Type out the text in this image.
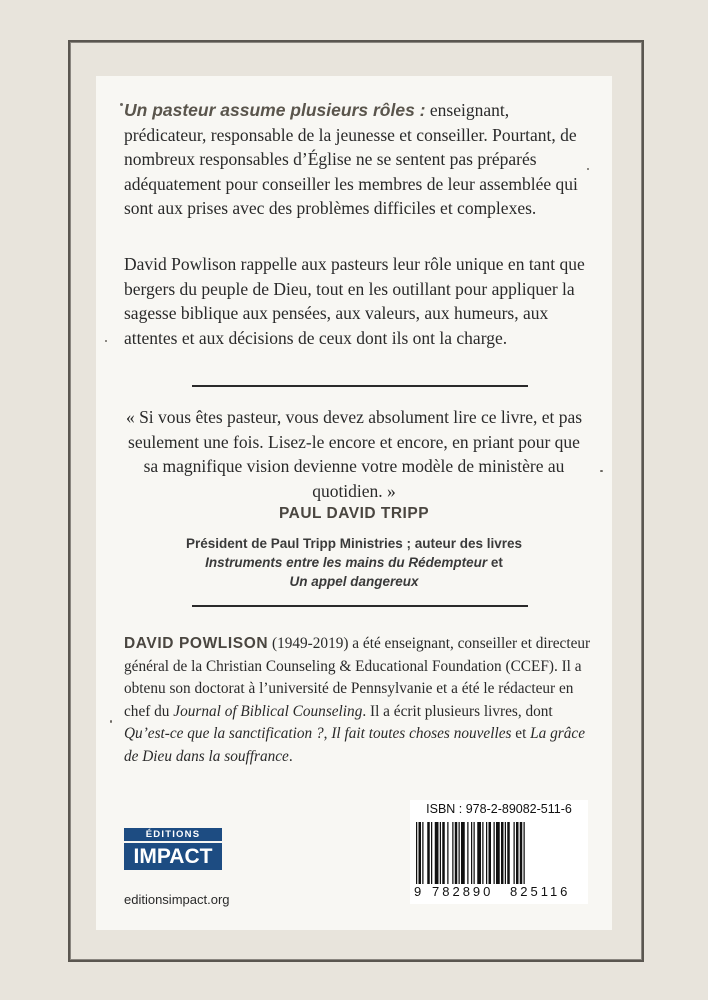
Un pasteur assume plusieurs rôles : enseignant, prédicateur, responsable de la jeunesse et conseiller. Pourtant, de nombreux responsables d’Église ne se sentent pas préparés adéquatement pour conseiller les membres de leur assemblée qui sont aux prises avec des problèmes difficiles et complexes.

David Powlison rappelle aux pasteurs leur rôle unique en tant que bergers du peuple de Dieu, tout en les outillant pour appliquer la sagesse biblique aux pensées, aux valeurs, aux humeurs, aux attentes et aux décisions de ceux dont ils ont la charge.

« Si vous êtes pasteur, vous devez absolument lire ce livre, et pas seulement une fois. Lisez-le encore et encore, en priant pour que sa magnifique vision devienne votre modèle de ministère au quotidien. »

PAUL DAVID TRIPP
Président de Paul Tripp Ministries ; auteur des livres
Instruments entre les mains du Rédempteur et
Un appel dangereux

DAVID POWLISON (1949-2019) a été enseignant, conseiller et directeur général de la Christian Counseling & Educational Foundation (CCEF). Il a obtenu son doctorat à l’université de Pennsylvanie et a été le rédacteur en chef du Journal of Biblical Counseling. Il a écrit plusieurs livres, dont Qu’est-ce que la sanctification ?, Il fait toutes choses nouvelles et La grâce de Dieu dans la souffrance.

ÉDITIONS
IMPACT
editionsimpact.org
ISBN : 978-2-89082-511-6
9 782890 825116
